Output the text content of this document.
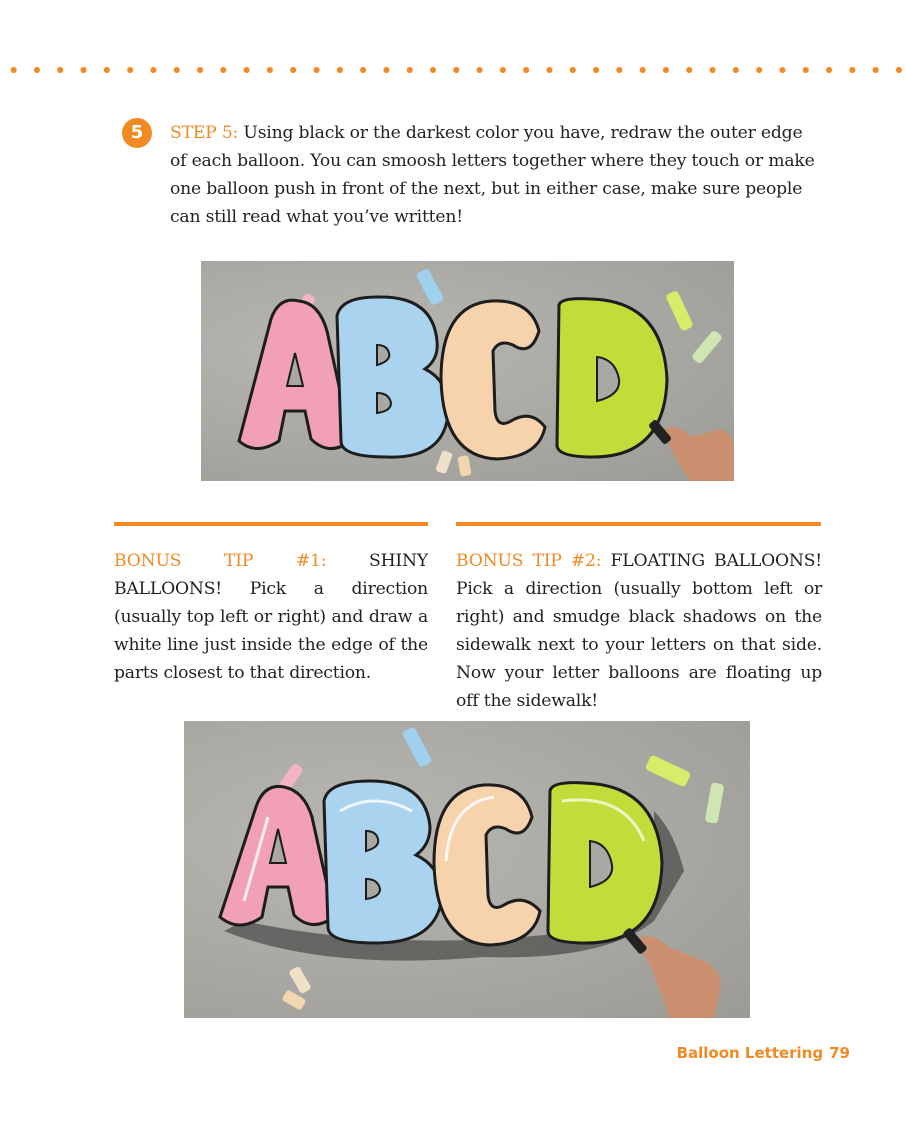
5	STEP 5: Using black or the darkest color you have, redraw the outer edge of each balloon. You can smoosh letters together where they touch or make one balloon push in front of the next, but in either case, make sure people can still read what you’ve written!
BONUS TIP #1: SHINY BALLOONS! Pick a direction (usually top left or right) and draw a white line just inside the edge of the parts closest to that direction.
BONUS TIP #2: FLOATING BALLOONS! Pick a direction (usually bottom left or right) and smudge black shadows on the sidewalk next to your letters on that side. Now your letter balloons are floating up off the sidewalk!
Balloon Lettering 79
